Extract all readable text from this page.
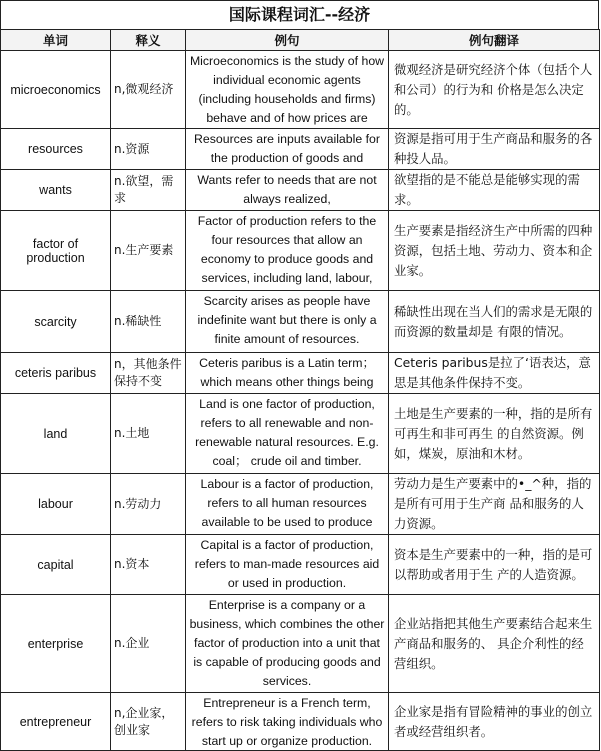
国际课程词汇--经济
单词	释义	例句	例句翻译
microeconomics	n,微观经济	Microeconomics is the study of how individual economic agents (including households and firms) behave and of how prices are	微观经济是研究经济个体（包括个人和公司）的行为和 价格是怎么决定的。
resources	n.资源	Resources are inputs available for the production of goods and	资源是指可用于生产商品和服务的各种投人品。
wants	n.欲望，需求	Wants refer to needs that are not always realized,	欲望指的是不能总是能够实现的需求。
factor of production	n.生产要素	Factor of production refers to the four resources that allow an economy to produce goods and services, including land, labour,	生产要素是指经济生产中所需的四种资源，包括土地、劳动力、资本和企业家。
scarcity	n.稀缺性	Scarcity arises as people have indefinite want but there is only a finite amount of resources.	稀缺性出现在当人们的需求是无限的而资源的数量却是 有限的情况。
ceteris paribus	n，其他条件保持不变	Ceteris paribus is a Latin term； which means other things being	Ceteris paribus是拉了‘语表达，意思是其他条件保持不变。
land	n.土地	Land is one factor of production, refers to all renewable and non-renewable natural resources. E.g. coal； crude oil and timber.	土地是生产要素的一种，指的是所有可再生和非可再生 的自然资源。例如，煤炭，原油和木材。
labour	n.劳动力	Labour is a factor of production, refers to all human resources available to be used to produce	劳动力是生产要素中的•_^种，指的是所有可用于生产商 品和服务的人力资源。
capital	n.资本	Capital is a factor of production, refers to man-made resources aid or used in production.	资本是生产要素中的一种，指的是可以帮助或者用于生 产的人造资源。
enterprise	n.企业	Enterprise is a company or a business, which combines the other factor of production into a unit that is capable of producing goods and services.	企业站指把其他生产要素结合起来生产商品和服务的、 具企介利性的经营组织。
entrepreneur	n,企业家，创业家	Entrepreneur is a French term, refers to risk taking individuals who start up or organize production.	企业家是指有冒险精神的事业的创立者或经营组织者。
